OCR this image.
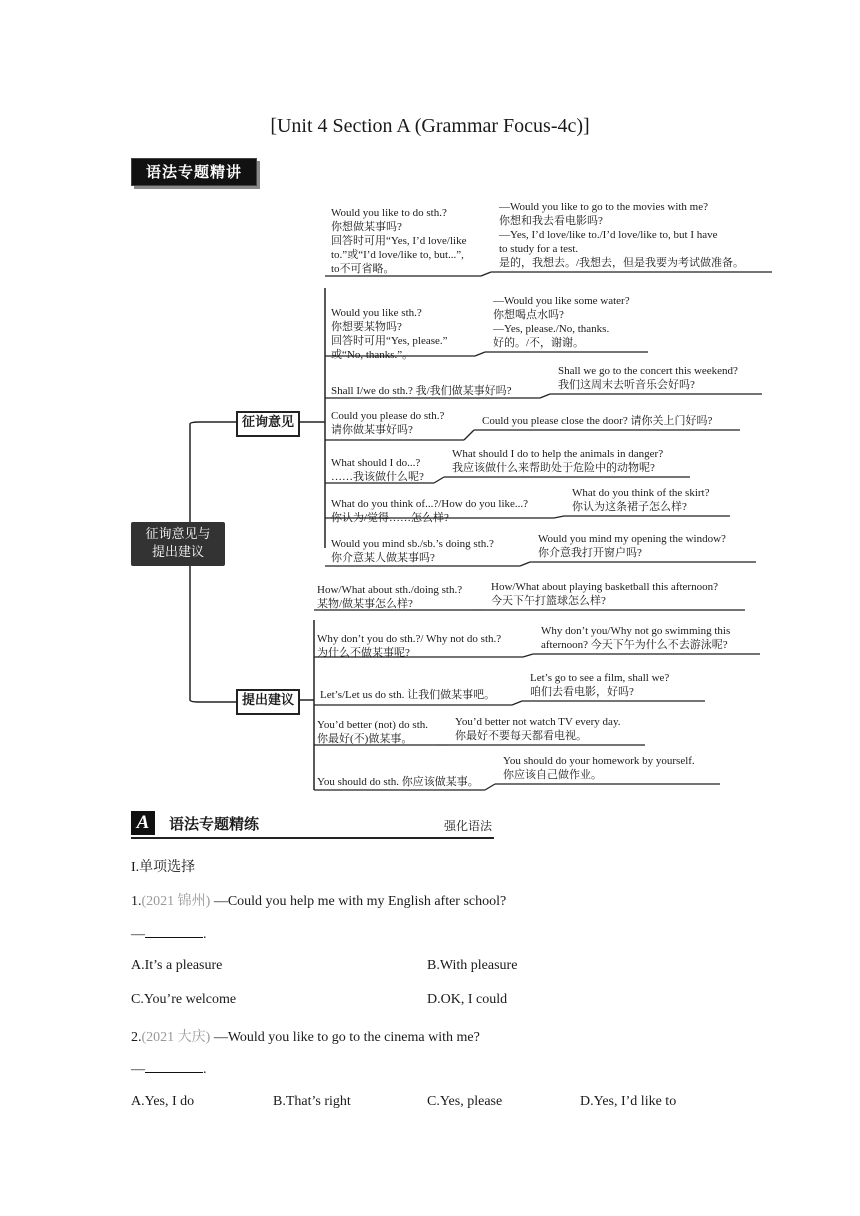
[Unit 4 Section A (Grammar Focus-4c)]
语法专题精讲
征询意见与
提出建议
征询意见
提出建议
Would you like to do sth.?
你想做某事吗?
回答时可用“Yes, I’d love/like
to.”或“I’d love/like to, but...”,
to不可省略。
—Would you like to go to the movies with me?
你想和我去看电影吗?
—Yes, I’d love/like to./I’d love/like to, but I have
to study for a test.
是的，我想去。/我想去，但是我要为考试做准备。
Would you like sth.?
你想要某物吗?
回答时可用“Yes, please.”
或“No, thanks.”。
—Would you like some water?
你想喝点水吗?
—Yes, please./No, thanks.
好的。/不，谢谢。
Shall I/we do sth.? 我/我们做某事好吗?
Shall we go to the concert this weekend?
我们这周末去听音乐会好吗?
Could you please do sth.?
请你做某事好吗?
Could you please close the door? 请你关上门好吗?
What should I do...?
……我该做什么呢?
What should I do to help the animals in danger?
我应该做什么来帮助处于危险中的动物呢?
What do you think of...?/How do you like...?
你认为/觉得……怎么样?
What do you think of the skirt?
你认为这条裙子怎么样?
Would you mind sb./sb.’s doing sth.?
你介意某人做某事吗?
Would you mind my opening the window?
你介意我打开窗户吗?
How/What about sth./doing sth.?
某物/做某事怎么样?
How/What about playing basketball this afternoon?
今天下午打篮球怎么样?
Why don’t you do sth.?/ Why not do sth.?
为什么不做某事呢?
Why don’t you/Why not go swimming this
afternoon? 今天下午为什么不去游泳呢?
Let’s/Let us do sth. 让我们做某事吧。
Let’s go to see a film, shall we?
咱们去看电影，好吗?
You’d better (not) do sth.
你最好(不)做某事。
You’d better not watch TV every day.
你最好不要每天都看电视。
You should do sth. 你应该做某事。
You should do your homework by yourself.
你应该自己做作业。
A	语法专题精练	强化语法
I.单项选择
1.(2021 锦州) —Could you help me with my English after school?
—	.
A.It’s a pleasure	B.With pleasure
C.You’re welcome	D.OK, I could
2.(2021 大庆) —Would you like to go to the cinema with me?
—	.
A.Yes, I do	B.That’s right	C.Yes, please	D.Yes, I’d like to
